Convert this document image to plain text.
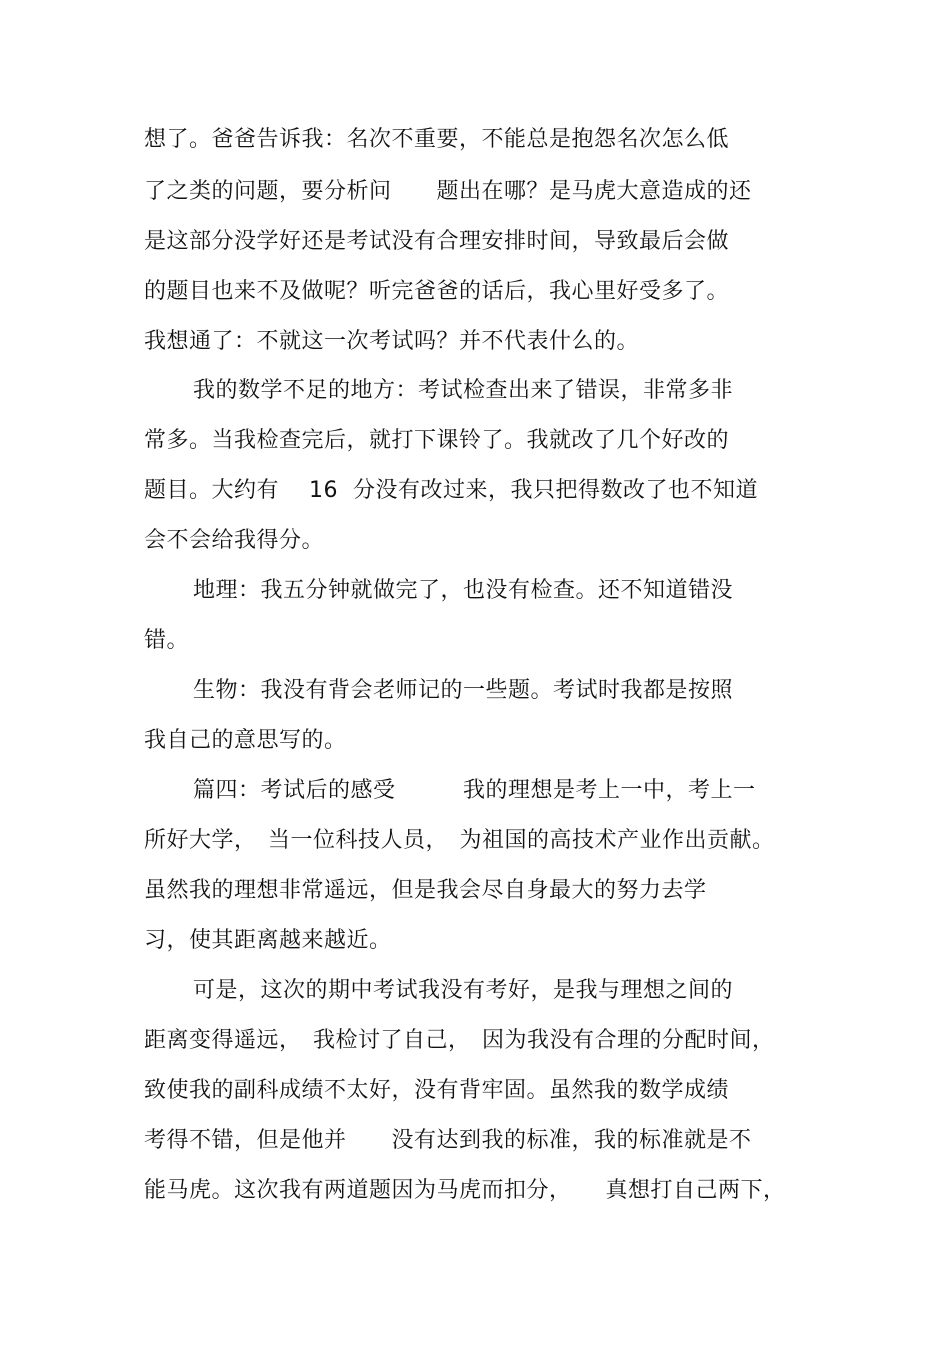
想了。爸爸告诉我：名次不重要，不能总是抱怨名次怎么低
了之类的问题，要分析问　　题出在哪？是马虎大意造成的还
是这部分没学好还是考试没有合理安排时间，导致最后会做
的题目也来不及做呢？听完爸爸的话后，我心里好受多了。
我想通了：不就这一次考试吗？并不代表什么的。
我的数学不足的地方：考试检查出来了错误，非常多非
常多。当我检查完后，就打下课铃了。我就改了几个好改的
题目。大约有　 16  分没有改过来，我只把得数改了也不知道
会不会给我得分。
地理：我五分钟就做完了，也没有检查。还不知道错没
错。
生物：我没有背会老师记的一些题。考试时我都是按照
我自己的意思写的。
篇四：考试后的感受　　　我的理想是考上一中，考上一
所好大学，　当一位科技人员，　为祖国的高技术产业作出贡献。
虽然我的理想非常遥远，但是我会尽自身最大的努力去学
习，使其距离越来越近。
可是，这次的期中考试我没有考好，是我与理想之间的
距离变得遥远，　我检讨了自己，　因为我没有合理的分配时间，
致使我的副科成绩不太好，没有背牢固。虽然我的数学成绩
考得不错，但是他并　　没有达到我的标准，我的标准就是不
能马虎。这次我有两道题因为马虎而扣分，　　真想打自己两下，
